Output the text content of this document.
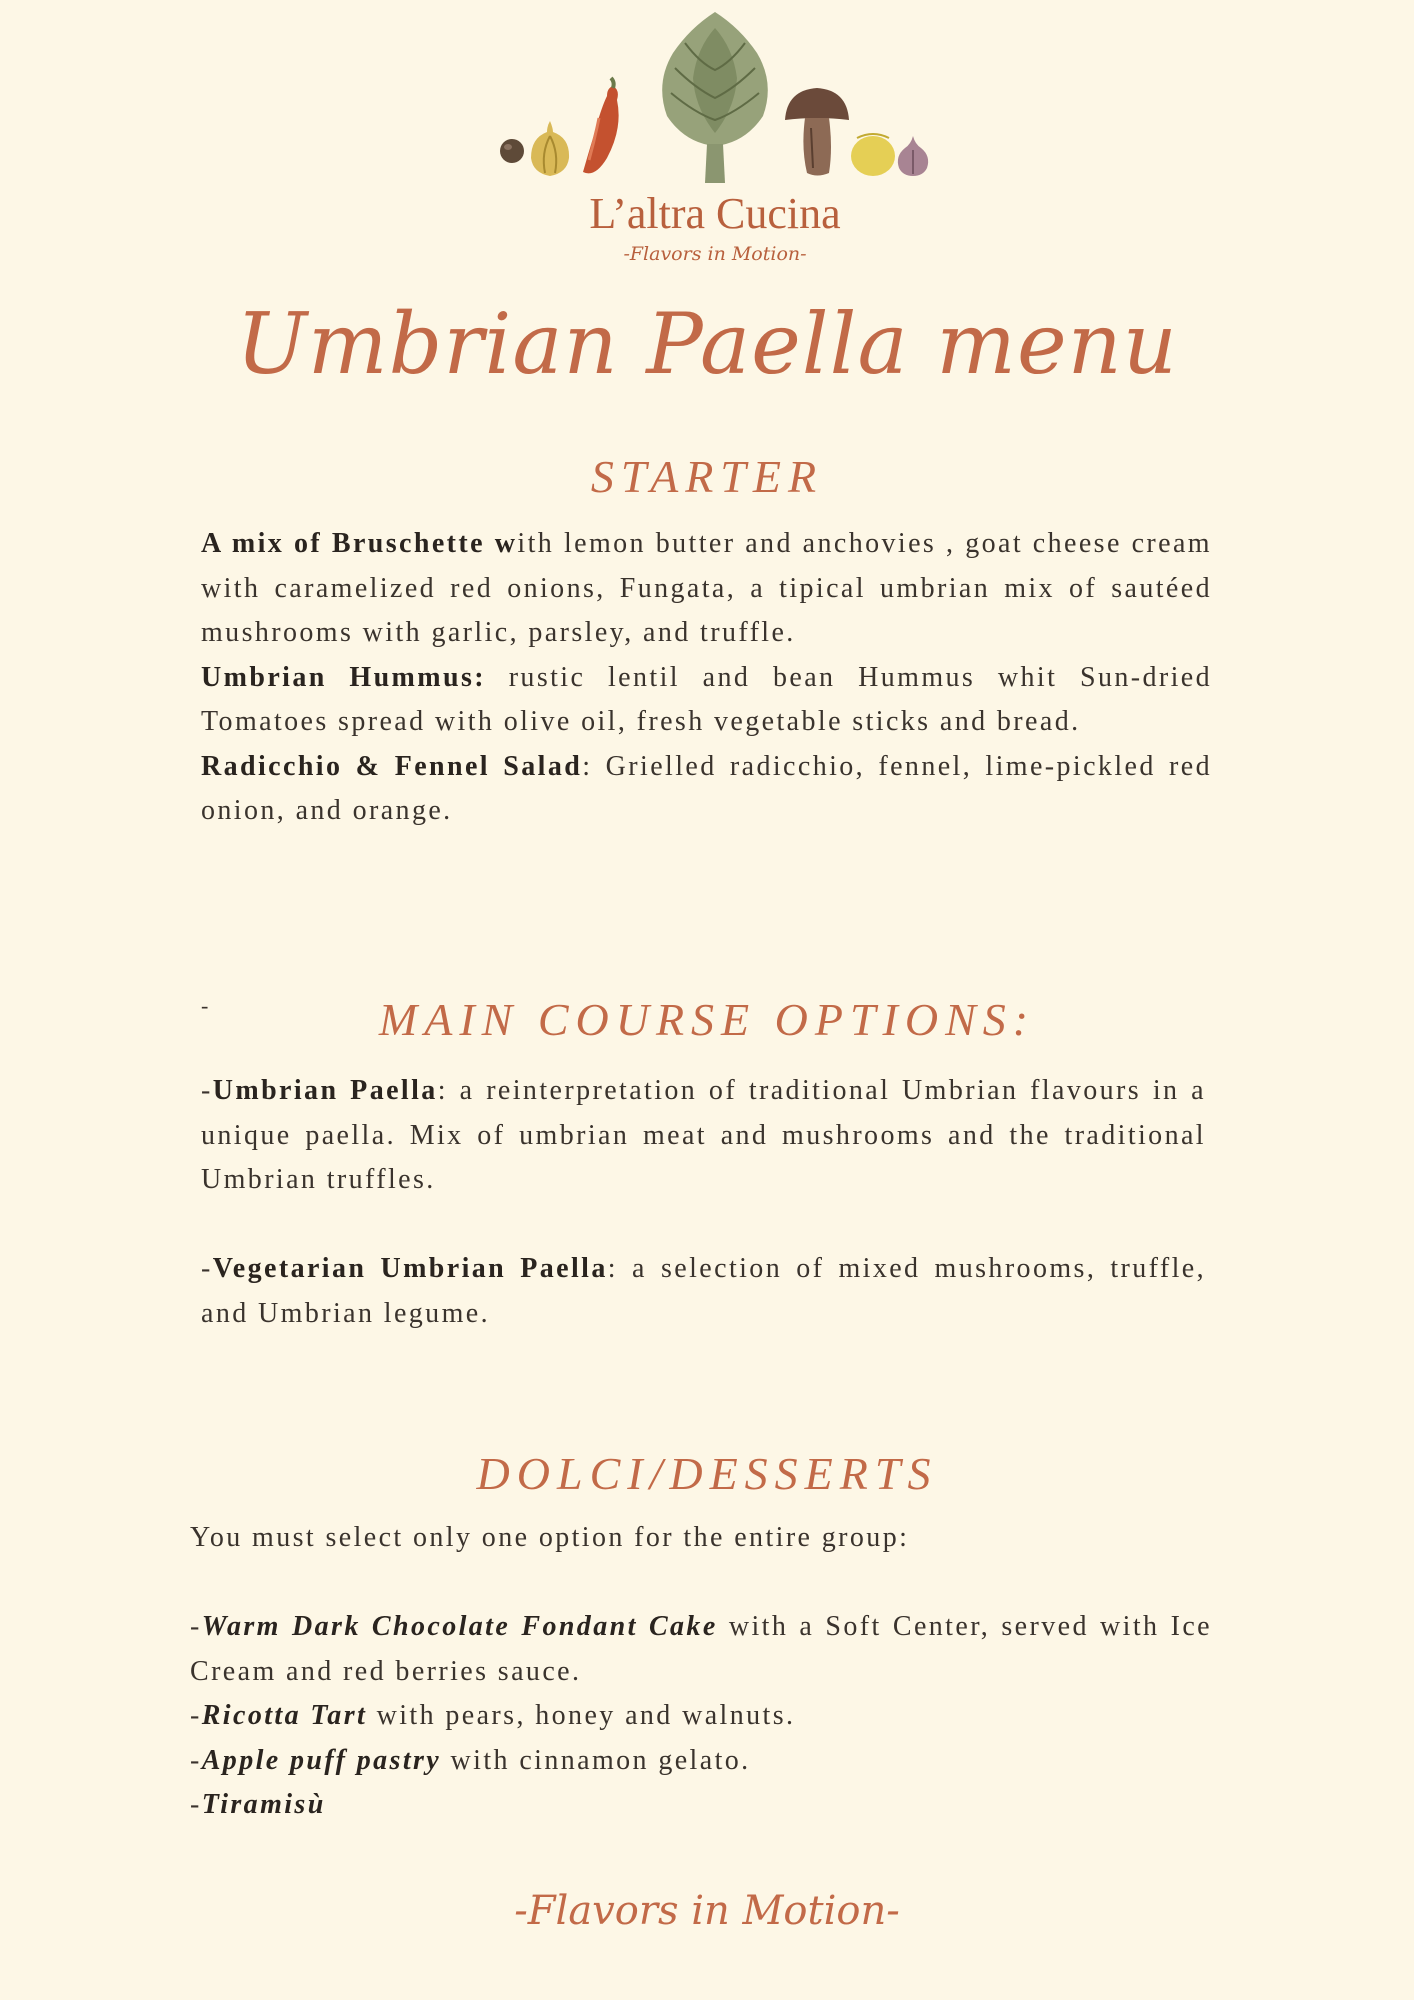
L’altra Cucina
-Flavors in Motion-
Umbrian Paella menu
STARTER

A mix of Bruschette with lemon butter and anchovies , goat cheese cream with caramelized red onions, Fungata, a tipical umbrian mix of sautéed mushrooms with garlic, parsley, and truffle.

Umbrian Hummus: rustic lentil and bean Hummus whit Sun-dried Tomatoes spread with olive oil, fresh vegetable sticks and bread.

Radicchio & Fennel Salad: Grielled radicchio, fennel, lime-pickled red onion, and orange.

-	MAIN COURSE OPTIONS:

-Umbrian Paella: a reinterpretation of traditional Umbrian flavours in a unique paella. Mix of umbrian meat and mushrooms and the traditional Umbrian truffles.

-Vegetarian Umbrian Paella: a selection of mixed mushrooms, truffle, and Umbrian legume.

DOLCI/DESSERTS

You must select only one option for the entire group:

-Warm Dark Chocolate Fondant Cake with a Soft Center, served with Ice Cream and red berries sauce.

-Ricotta Tart with pears, honey and walnuts.

-Apple puff pastry with cinnamon gelato.

-Tiramisù

-Flavors in Motion-
